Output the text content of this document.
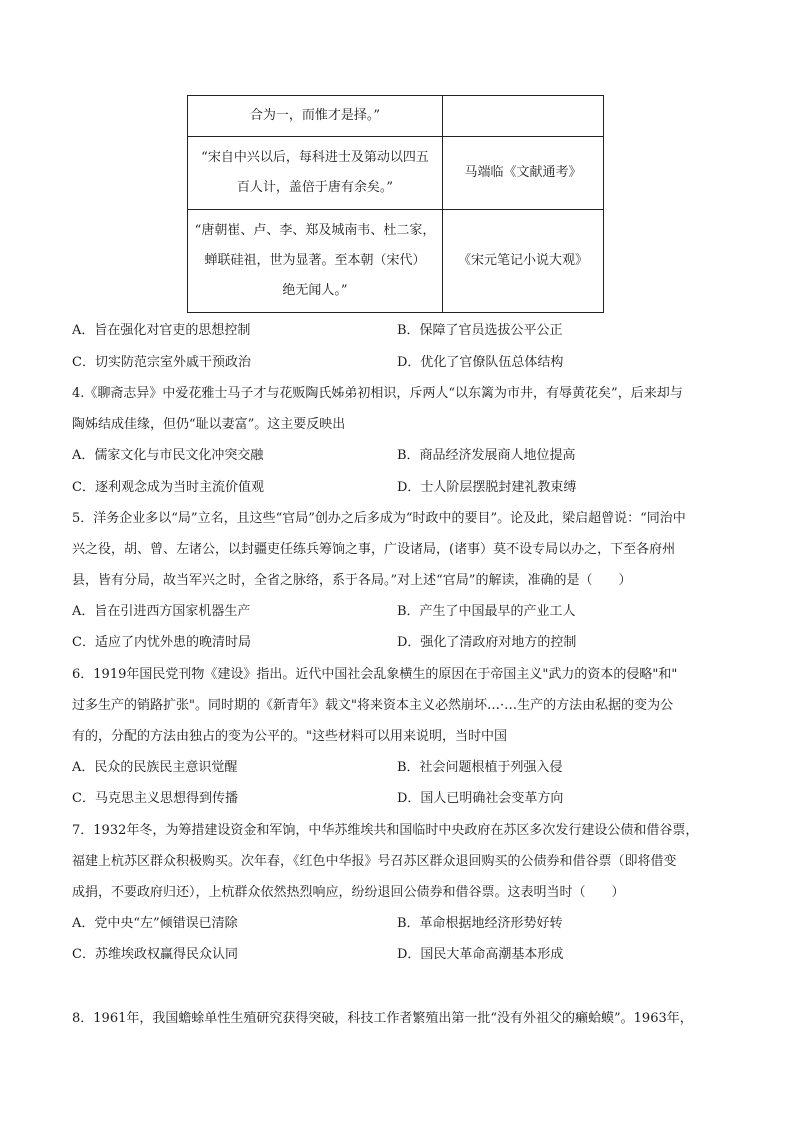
合为一，而惟才是择。”	

“宋自中兴以后，每科进士及第动以四五
百人计，盖倍于唐有余矣。”	马端临《文献通考》

“唐朝崔、卢、李、郑及城南韦、杜二家，
蝉联硅祖，世为显著。至本朝（宋代）
绝无闻人。”	《宋元笔记小说大观》
A．旨在强化对官吏的思想控制	B．保障了官员选拔公平公正
C．切实防范宗室外戚干预政治	D．优化了官僚队伍总体结构
4.《聊斋志异》中爱花雅士马子才与花贩陶氏姊弟初相识，斥两人“以东篱为市井，有辱黄花矣”，后来却与
陶姊结成佳缘，但仍“耻以妻富”。这主要反映出
A．儒家文化与市民文化冲突交融	B．商品经济发展商人地位提高
C．逐利观念成为当时主流价值观	D．士人阶层摆脱封建礼教束缚
5．洋务企业多以“局”立名，且这些“官局”创办之后多成为“时政中的要目”。论及此，梁启超曾说：“同治中
兴之役，胡、曾、左诸公，以封疆吏任练兵筹饷之事，广设诸局，(诸事）莫不设专局以办之，下至各府州
县，皆有分局，故当军兴之时，全省之脉络，系于各局。”对上述“官局”的解读，准确的是（　　）
A．旨在引进西方国家机器生产	B．产生了中国最早的产业工人
C．适应了内忧外患的晚清时局	D．强化了清政府对地方的控制
6．1919年国民党刊物《建设》指出。近代中国社会乱象横生的原因在于帝国主义"武力的资本的侵略"和"
过多生产的销路扩张"。同时期的《新青年》载文"将来资本主义必然崩坏…·…生产的方法由私据的变为公
有的，分配的方法由独占的变为公平的。"这些材料可以用来说明，当时中国
A．民众的民族民主意识觉醒	B．社会问题根植于列强入侵
C．马克思主义思想得到传播	D．国人已明确社会变革方向
7．1932年冬，为筹措建设资金和军饷，中华苏维埃共和国临时中央政府在苏区多次发行建设公债和借谷票，
福建上杭苏区群众积极购买。次年春，《红色中华报》号召苏区群众退回购买的公债券和借谷票（即将借变
成捐，不要政府归还），上杭群众依然热烈响应，纷纷退回公债券和借谷票。这表明当时（　　）
A．党中央“左”倾错误已清除	B．革命根据地经济形势好转
C．苏维埃政权赢得民众认同	D．国民大革命高潮基本形成
8．1961年，我国蟾蜍单性生殖研究获得突破，科技工作者繁殖出第一批“没有外祖父的癞蛤蟆”。1963年，
